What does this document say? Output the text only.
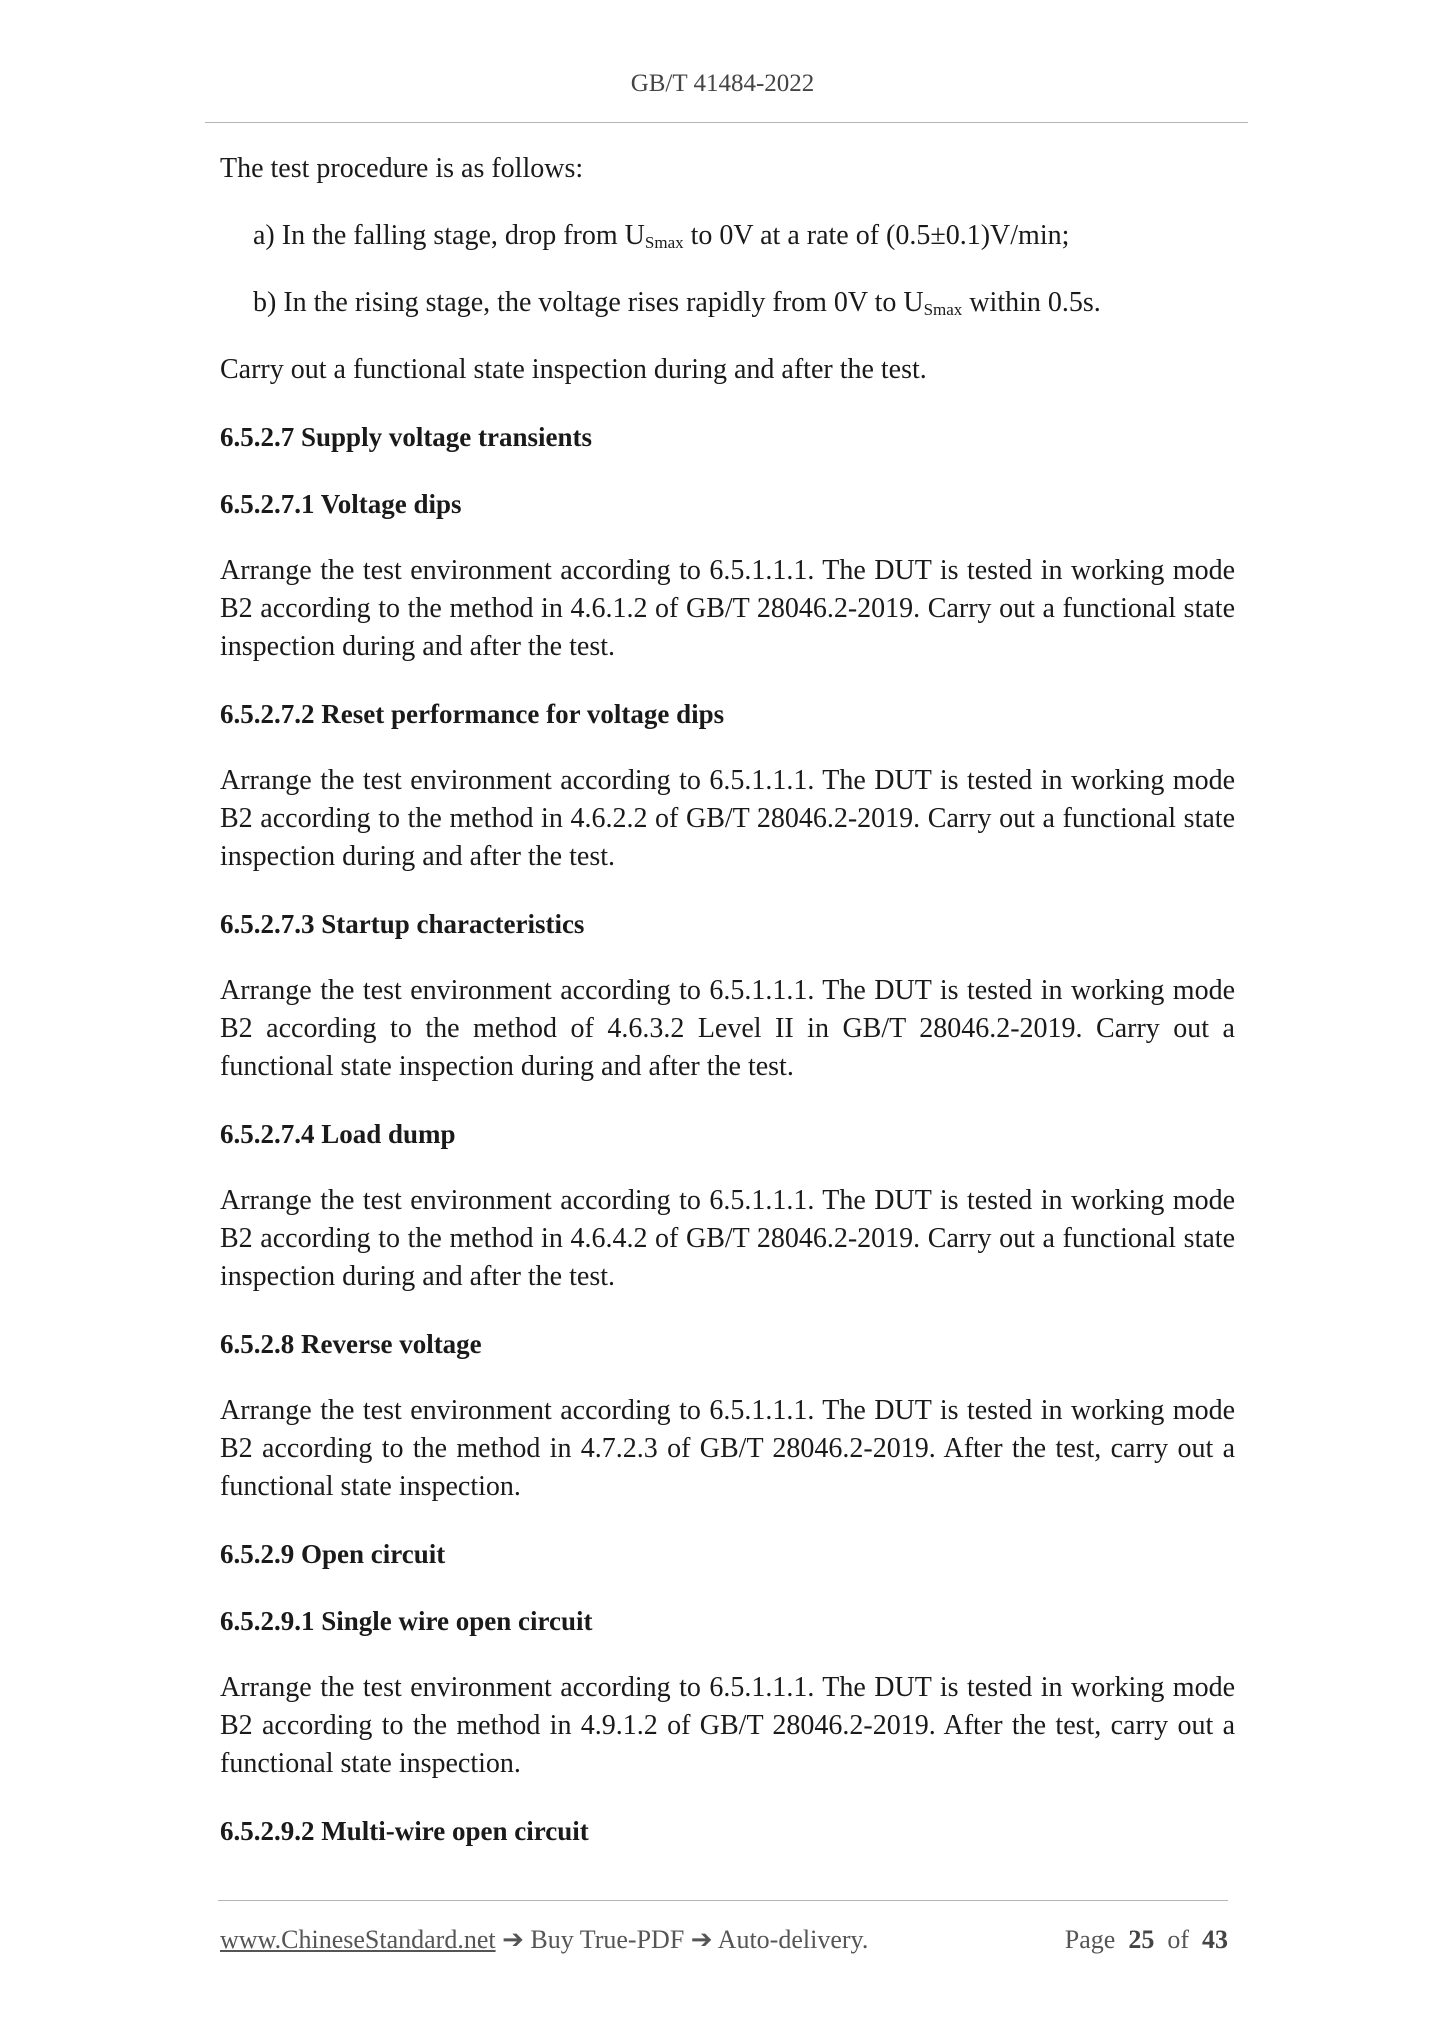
GB/T 41484-2022

The test procedure is as follows:

a) In the falling stage, drop from $U_{Smax}$ to 0V at a rate of (0.5±0.1)V/min;

b) In the rising stage, the voltage rises rapidly from 0V to $U_{Smax}$ within 0.5s.

Carry out a functional state inspection during and after the test.

6.5.2.7 Supply voltage transients

6.5.2.7.1 Voltage dips

Arrange the test environment according to 6.5.1.1.1. The DUT is tested in working mode B2 according to the method in 4.6.1.2 of GB/T 28046.2-2019. Carry out a functional state inspection during and after the test.

6.5.2.7.2 Reset performance for voltage dips

Arrange the test environment according to 6.5.1.1.1. The DUT is tested in working mode B2 according to the method in 4.6.2.2 of GB/T 28046.2-2019. Carry out a functional state inspection during and after the test.

6.5.2.7.3 Startup characteristics

Arrange the test environment according to 6.5.1.1.1. The DUT is tested in working mode B2 according to the method of 4.6.3.2 Level II in GB/T 28046.2-2019. Carry out a functional state inspection during and after the test.

6.5.2.7.4 Load dump

Arrange the test environment according to 6.5.1.1.1. The DUT is tested in working mode B2 according to the method in 4.6.4.2 of GB/T 28046.2-2019. Carry out a functional state inspection during and after the test.

6.5.2.8 Reverse voltage

Arrange the test environment according to 6.5.1.1.1. The DUT is tested in working mode B2 according to the method in 4.7.2.3 of GB/T 28046.2-2019. After the test, carry out a functional state inspection.

6.5.2.9 Open circuit

6.5.2.9.1 Single wire open circuit

Arrange the test environment according to 6.5.1.1.1. The DUT is tested in working mode B2 according to the method in 4.9.1.2 of GB/T 28046.2-2019. After the test, carry out a functional state inspection.

6.5.2.9.2 Multi-wire open circuit

www.ChineseStandard.net ➔ Buy True-PDF ➔ Auto-delivery.	Page 25 of 43
